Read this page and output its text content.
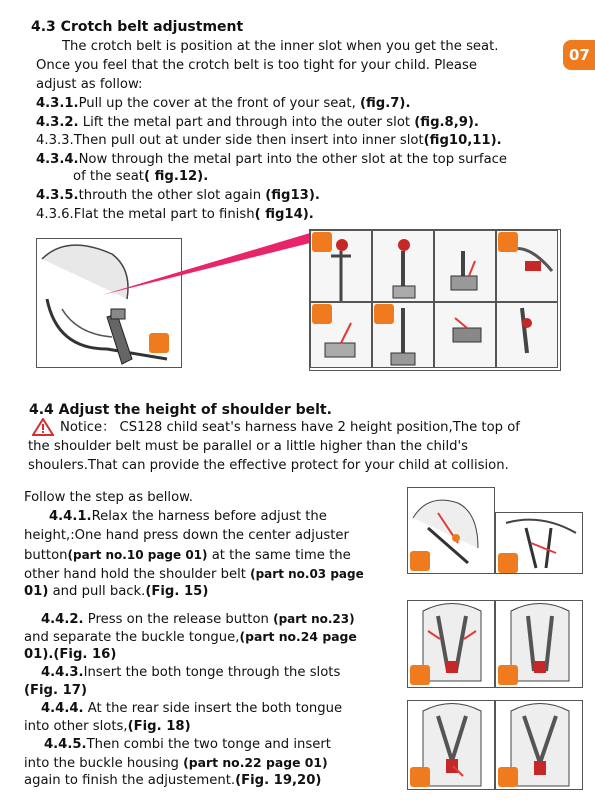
07

4.3 Crotch belt adjustment

The crotch belt is position at the inner slot when you get the seat.

Once you feel that the crotch belt is too tight for your child. Please

adjust as follow:

4.3.1.Pull up the cover at the front of your seat, (fig.7).

4.3.2. Lift the metal part and through into the outer slot (fig.8,9).

4.3.3.Then pull out at under side then insert into inner slot(fig10,11).

4.3.4.Now through the metal part into the other slot at the top surface

of the seat( fig.12).

4.3.5.throuth the other slot again (fig13).

4.3.6.Flat the metal part to finish( fig14).

4.4 Adjust the height of shoulder belt.

Notice： CS128 child seat's harness have 2 height position,The top of

the shoulder belt must be parallel or a little higher than the child's

shoulers.That can provide the effective protect for your child at collision.

Follow the step as bellow.

4.4.1.Relax the harness before adjust the

height,:One hand press down the center adjuster

button(part no.10 page 01) at the same time the

other hand hold the shoulder belt (part no.03 page

01) and pull back.(Fig. 15)

4.4.2. Press on the release button (part no.23)

and separate the buckle tongue,(part no.24 page

01).(Fig. 16)

4.4.3.Insert the both tonge through the slots

(Fig. 17)

4.4.4. At the rear side insert the both tongue

into other slots,(Fig. 18)

4.4.5.Then combi the two tonge and insert

into the buckle housing (part no.22 page 01)

again to finish the adjustement.(Fig. 19,20)
